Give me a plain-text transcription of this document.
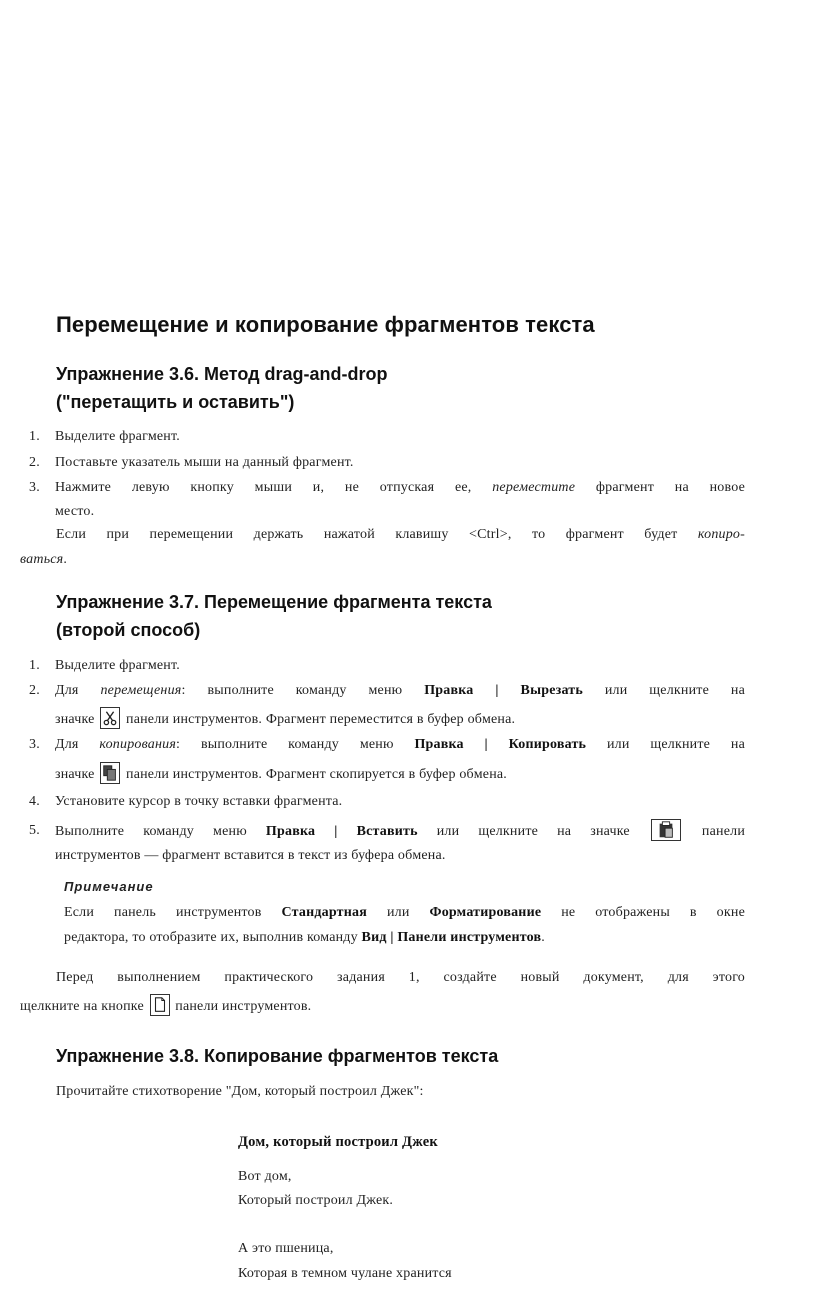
Перемещение и копирование фрагментов текста
Упражнение 3.6. Метод drag-and-drop
("перетащить и оставить")
1.	Выделите фрагмент.
2.	Поставьте указатель мыши на данный фрагмент.
3.	Нажмите левую кнопку мыши и, не отпуская ее, переместите фрагмент на новое
место.
Если при перемещении держать нажатой клавишу <Ctrl>, то фрагмент будет копиро-
ваться.
Упражнение 3.7. Перемещение фрагмента текста
(второй способ)
1.	Выделите фрагмент.
2.	Для перемещения: выполните команду меню Правка | Вырезать или щелкните на
значке
панели инструментов. Фрагмент переместится в буфер обмена.
3.	Для копирования: выполните команду меню Правка | Копировать или щелкните на
значке
панели инструментов. Фрагмент скопируется в буфер обмена.
4.	Установите курсор в точку вставки фрагмента.
5.	Выполните команду меню Правка | Вставить или щелкните на значке	панели
инструментов — фрагмент вставится в текст из буфера обмена.
Примечание
Если панель инструментов Стандартная или Форматирование не отображены в окне
редактора, то отобразите их, выполнив команду Вид | Панели инструментов.
Перед выполнением практического задания 1, создайте новый документ, для этого
щелкните на кнопке
панели инструментов.
Упражнение 3.8. Копирование фрагментов текста
Прочитайте стихотворение "Дом, который построил Джек":
Дом, который построил Джек
Вот дом,
Который построил Джек.
А это пшеница,
Которая в темном чулане хранится
